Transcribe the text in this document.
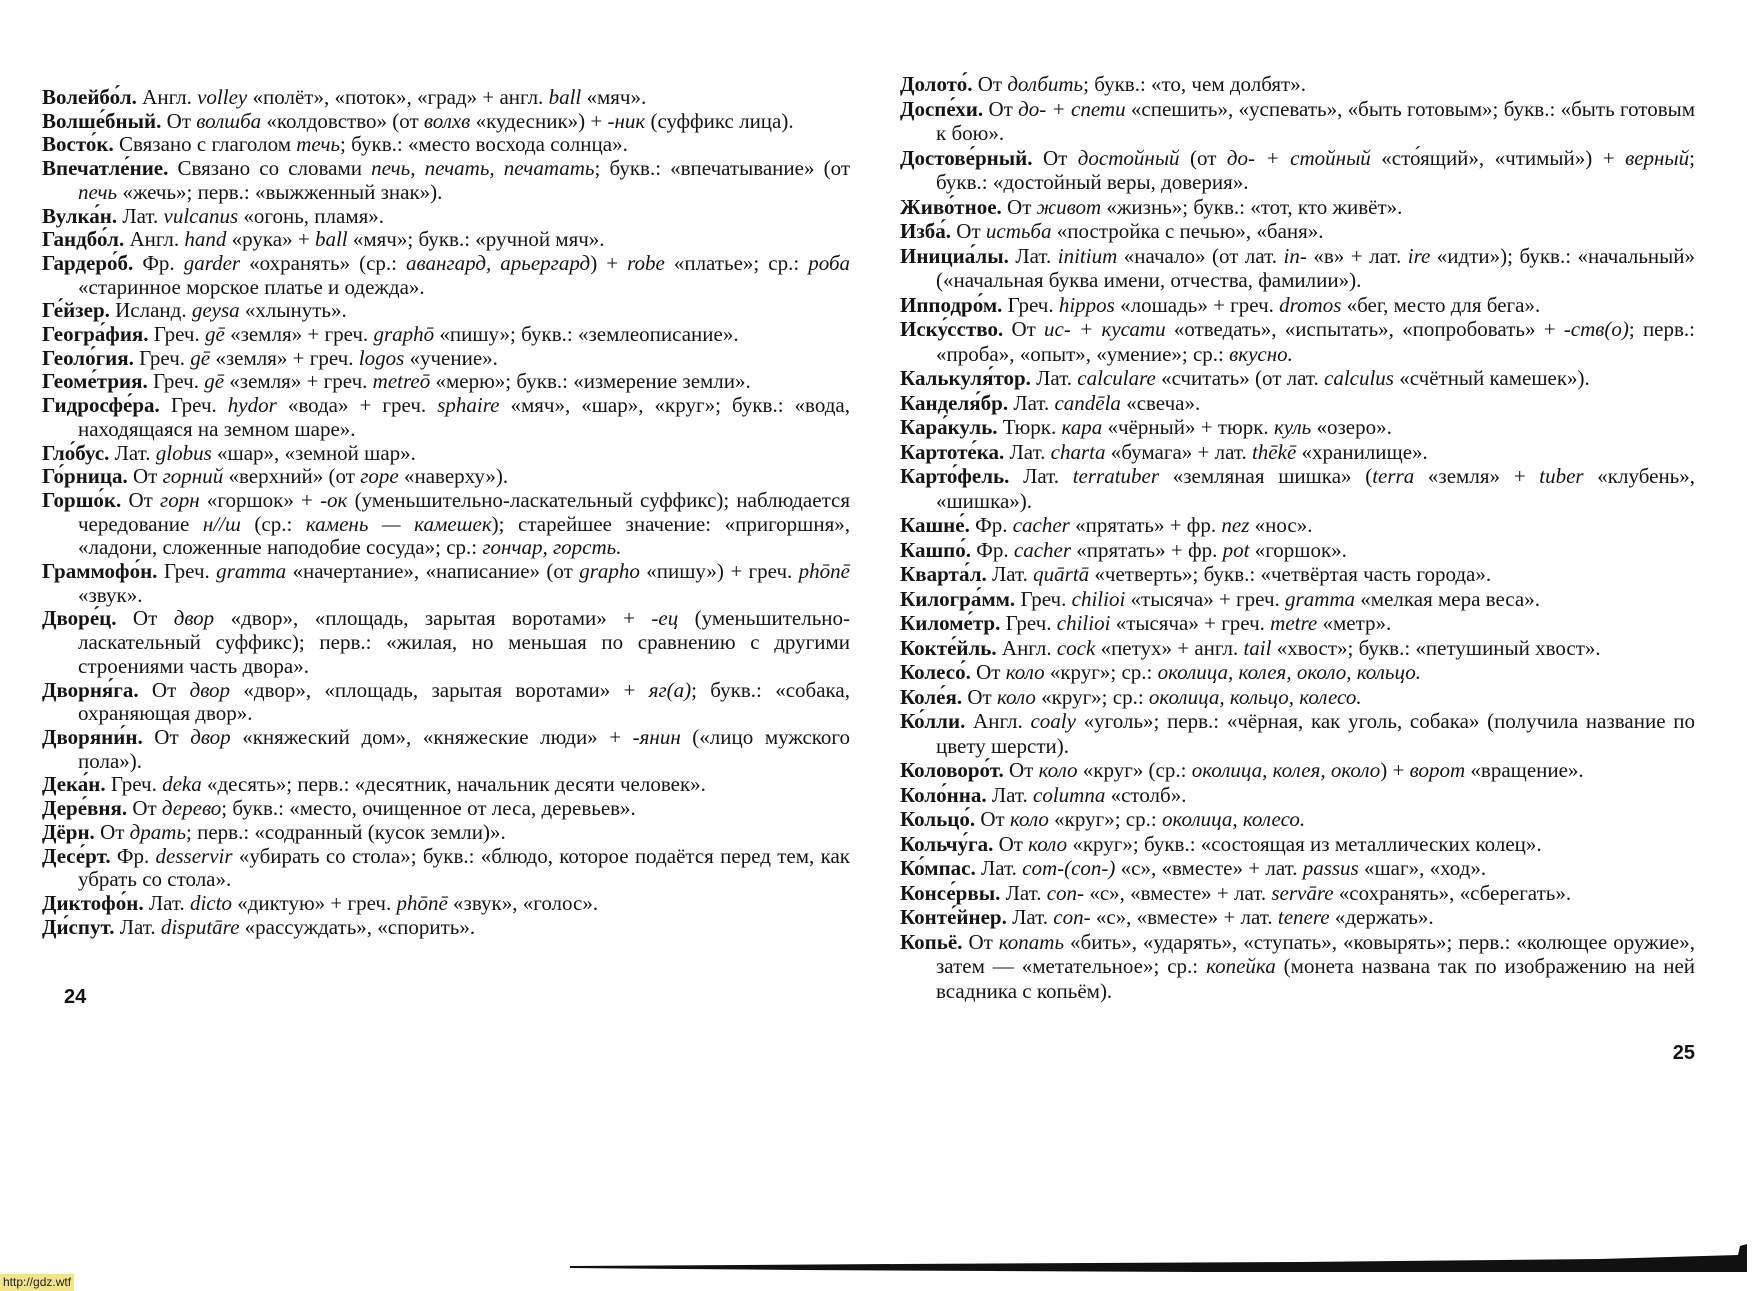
Волейбо́л. Англ. volley «полёт», «поток», «град» + англ. ball «мяч».

Волше́бный. От волшба «колдовство» (от волхв «кудесник») + -ник (суффикс лица).

Восто́к. Связано с глаголом течь; букв.: «место восхода солнца».

Впечатле́ние. Связано со словами печь, печать, печатать; букв.: «впечатывание» (от печь «жечь»; перв.: «выжженный знак»).

Вулка́н. Лат. vulcanus «огонь, пламя».

Гандбо́л. Англ. hand «рука» + ball «мяч»; букв.: «ручной мяч».

Гардеро́б. Фр. garder «охранять» (ср.: авангард, арьергард) + robe «платье»; ср.: роба «старинное морское платье и одежда».

Ге́йзер. Исланд. geysa «хлынуть».

Геогра́фия. Греч. gē «земля» + греч. graphō «пишу»; букв.: «землеописание».

Геоло́гия. Греч. gē «земля» + греч. logos «учение».

Геоме́трия. Греч. gē «земля» + греч. metreō «мерю»; букв.: «измерение земли».

Гидросфе́ра. Греч. hydor «вода» + греч. sphaire «мяч», «шар», «круг»; букв.: «вода, находящаяся на земном шаре».

Гло́бус. Лат. globus «шар», «земной шар».

Го́рница. От горний «верхний» (от горе «наверху»).

Горшо́к. От горн «горшок» + -ок (уменьшительно-ласкательный суффикс); наблюдается чередование н//ш (ср.: камень — камешек); старейшее значение: «пригоршня», «ладони, сложенные наподобие сосуда»; ср.: гончар, горсть.

Граммофо́н. Греч. gramma «начертание», «написание» (от grapho «пишу») + греч. phōnē «звук».

Дворе́ц. От двор «двор», «площадь, зарытая воротами» + -ец (уменьшительно-ласкательный суффикс); перв.: «жилая, но меньшая по сравнению с другими строениями часть двора».

Дворня́га. От двор «двор», «площадь, зарытая воротами» + яг(а); букв.: «собака, охраняющая двор».

Дворяни́н. От двор «княжеский дом», «княжеские люди» + -янин («лицо мужского пола»).

Дека́н. Греч. deka «десять»; перв.: «десятник, начальник десяти человек».

Дере́вня. От дерево; букв.: «место, очищенное от леса, деревьев».

Дёрн. От драть; перв.: «содранный (кусок земли)».

Десе́рт. Фр. desservir «убирать со стола»; букв.: «блюдо, которое подаётся перед тем, как убрать со стола».

Диктофо́н. Лат. dicto «диктую» + греч. phōnē «звук», «голос».

Ди́спут. Лат. disputāre «рассуждать», «спорить».

24

Долото́. От долбить; букв.: «то, чем долбят».

Доспе́хи. От до- + спети «спешить», «успевать», «быть готовым»; букв.: «быть готовым к бою».

Достове́рный. От достойный (от до- + стойный «сто́ящий», «чтимый») + верный; букв.: «достойный веры, доверия».

Живо́тное. От живот «жизнь»; букв.: «тот, кто живёт».

Изба́. От истьба «постройка с печью», «баня».

Инициа́лы. Лат. initium «начало» (от лат. in- «в» + лат. ire «идти»); букв.: «начальный» («начальная буква имени, отчества, фамилии»).

Ипподро́м. Греч. hippos «лошадь» + греч. dromos «бег, место для бега».

Иску́сство. От ис- + кусати «отведать», «испытать», «попробовать» + -ств(о); перв.: «проба», «опыт», «умение»; ср.: вкусно.

Калькуля́тор. Лат. calculare «считать» (от лат. calculus «счётный камешек»).

Канделя́бр. Лат. candēla «свеча».

Кара́куль. Тюрк. кара «чёрный» + тюрк. куль «озеро».

Картоте́ка. Лат. charta «бумага» + лат. thēkē «хранилище».

Карто́фель. Лат. terratuber «земляная шишка» (terra «земля» + tuber «клубень», «шишка»).

Кашне́. Фр. cacher «прятать» + фр. nez «нос».

Кашпо́. Фр. cacher «прятать» + фр. pot «горшок».

Кварта́л. Лат. quārtā «четверть»; букв.: «четвёртая часть города».

Килогра́мм. Греч. chilioi «тысяча» + греч. gramma «мелкая мера веса».

Киломе́тр. Греч. chilioi «тысяча» + греч. metre «метр».

Кокте́йль. Англ. cock «петух» + англ. tail «хвост»; букв.: «петушиный хвост».

Колесо́. От коло «круг»; ср.: околица, колея, около, кольцо.

Коле́я. От коло «круг»; ср.: околица, кольцо, колесо.

Ко́лли. Англ. coaly «уголь»; перв.: «чёрная, как уголь, собака» (получила название по цвету шерсти).

Коловоро́т. От коло «круг» (ср.: околица, колея, около) + ворот «вращение».

Коло́нна. Лат. columna «столб».

Кольцо́. От коло «круг»; ср.: околица, колесо.

Кольчу́га. От коло «круг»; букв.: «состоящая из металлических колец».

Ко́мпас. Лат. com-(con-) «с», «вместе» + лат. passus «шаг», «ход».

Консе́рвы. Лат. con- «с», «вместе» + лат. servāre «сохранять», «сберегать».

Конте́йнер. Лат. con- «с», «вместе» + лат. tenere «держать».

Копьё. От копать «бить», «ударять», «ступать», «ковырять»; перв.: «колющее оружие», затем — «метательное»; ср.: копейка (монета названа так по изображению на ней всадника с копьём).

25
http://gdz.wtf
